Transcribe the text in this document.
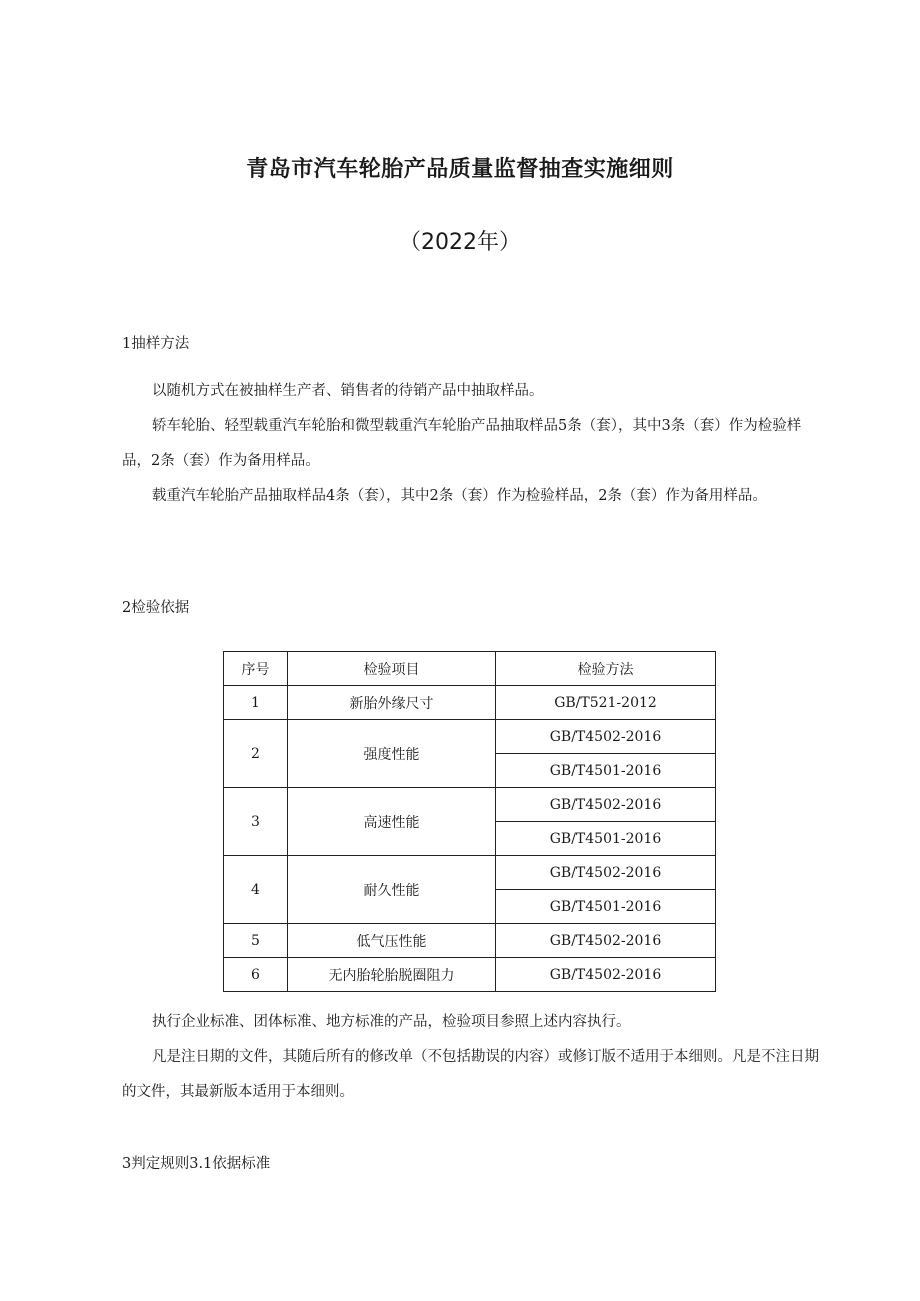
青岛市汽车轮胎产品质量监督抽查实施细则
（2022年）
1抽样方法

以随机方式在被抽样生产者、销售者的待销产品中抽取样品。

轿车轮胎、轻型载重汽车轮胎和微型载重汽车轮胎产品抽取样品5条（套），其中3条（套）作为检验样品，2条（套）作为备用样品。

载重汽车轮胎产品抽取样品4条（套），其中2条（套）作为检验样品，2条（套）作为备用样品。

2检验依据
序号	检验项目	检验方法
1	新胎外缘尺寸	GB/T521-2012
2	强度性能	GB/T4502-2016
		GB/T4501-2016
3	高速性能	GB/T4502-2016
		GB/T4501-2016
4	耐久性能	GB/T4502-2016
		GB/T4501-2016
5	低气压性能	GB/T4502-2016
6	无内胎轮胎脱圈阻力	GB/T4502-2016

执行企业标准、团体标准、地方标准的产品，检验项目参照上述内容执行。

凡是注日期的文件，其随后所有的修改单（不包括勘误的内容）或修订版不适用于本细则。凡是不注日期的文件，其最新版本适用于本细则。

3判定规则3.1依据标准
